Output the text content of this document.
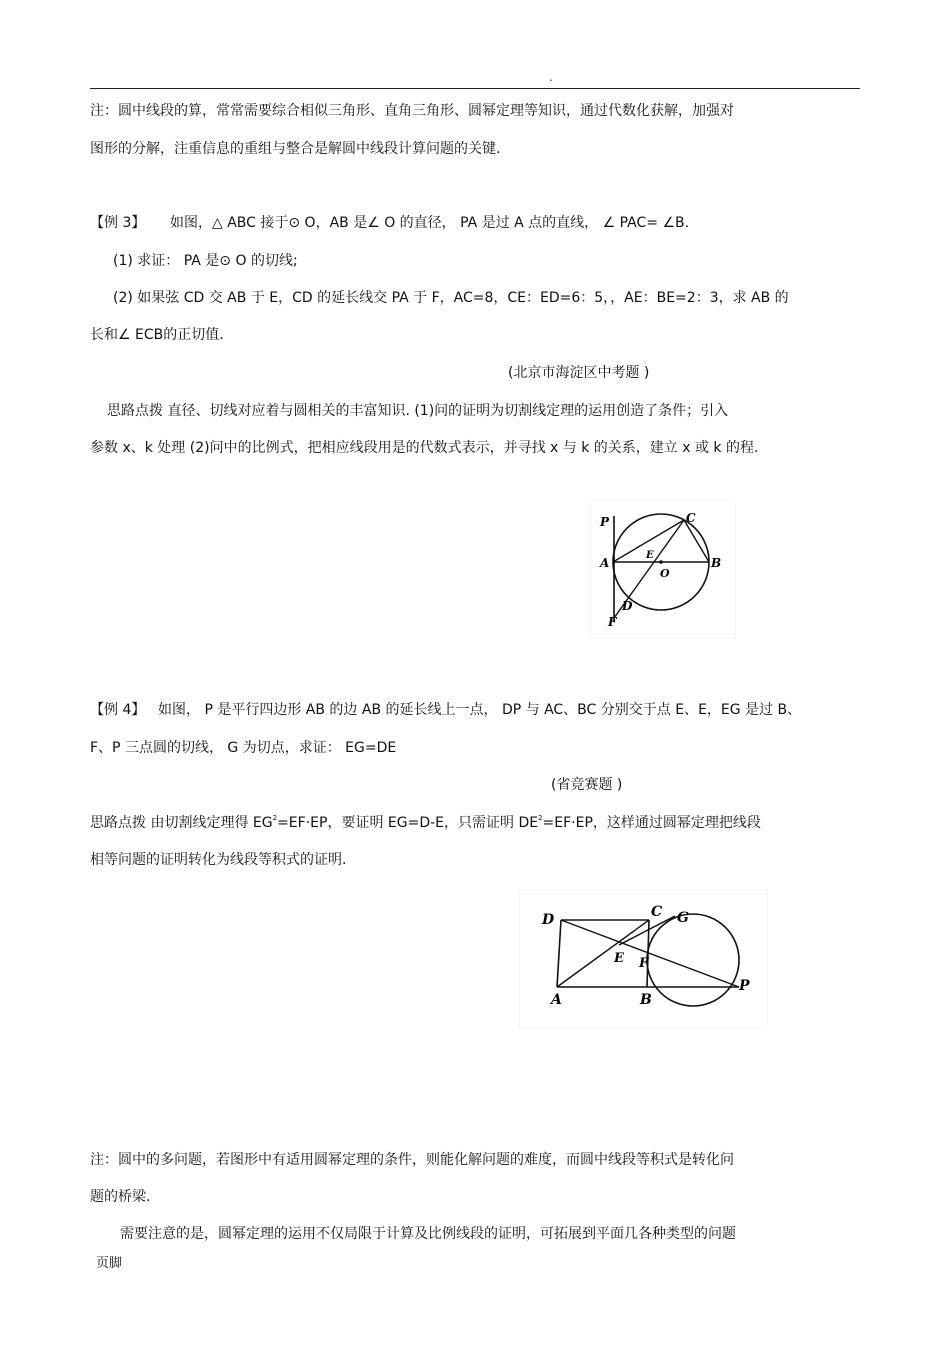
.
注：圆中线段的算，常常需要综合相似三角形、直角三角形、圆幂定理等知识，通过代数化获解，加强对
图形的分解，注重信息的重组与整合是解圆中线段计算问题的关键.
【例 3】 如图，△ ABC 接于⊙ O，AB 是∠ O 的直径， PA 是过 A 点的直线， ∠ PAC= ∠B.
(1) 求证： PA 是⊙ O 的切线;
(2) 如果弦 CD 交 AB 于 E，CD 的延长线交 PA 于 F，AC=8，CE：ED=6：5，，AE：BE=2：3，求 AB 的
长和∠ ECB的正切值.
(北京市海淀区中考题 )
思路点拨 直径、切线对应着与圆相关的丰富知识. (1)问的证明为切割线定理的运用创造了条件；引入
参数 x、k 处理 (2)问中的比例式，把相应线段用是的代数式表示，并寻找 x 与 k 的关系，建立 x 或 k 的程.
P	C
A
E
O
B
D
F
【例 4】 如图， P 是平行四边形 AB 的边 AB 的延长线上一点， DP 与 AC、BC 分别交于点 E、E，EG 是过 B、
F、P 三点圆的切线， G 为切点，求证： EG=DE
(省竞赛题 )
思路点拨 由切割线定理得 $EG^2=EF\cdot EP$，要证明 EG=D-E，只需证明 $DE^2=EF\cdot EP$，这样通过圆幂定理把线段
相等问题的证明转化为线段等积式的证明.
D	C G
E F
A	B
P
注：圆中的多问题，若图形中有适用圆幂定理的条件，则能化解问题的难度，而圆中线段等积式是转化问
题的桥梁.
需要注意的是，圆幂定理的运用不仅局限于计算及比例线段的证明，可拓展到平面几各种类型的问题
页脚
